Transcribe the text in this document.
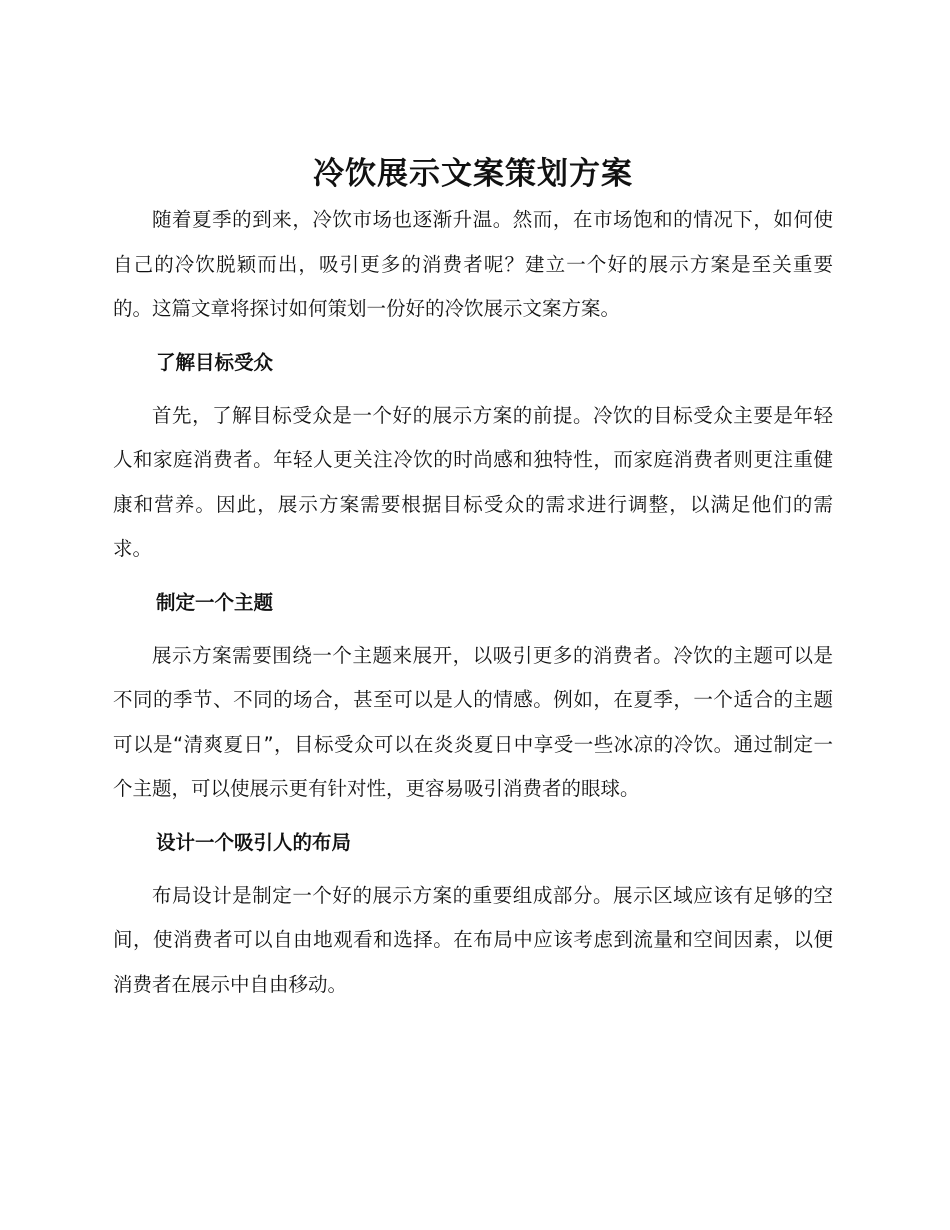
冷饮展示文案策划方案

随着夏季的到来，冷饮市场也逐渐升温。然而，在市场饱和的情况下，如何使自己的冷饮脱颖而出，吸引更多的消费者呢？建立一个好的展示方案是至关重要的。这篇文章将探讨如何策划一份好的冷饮展示文案方案。

了解目标受众

首先，了解目标受众是一个好的展示方案的前提。冷饮的目标受众主要是年轻人和家庭消费者。年轻人更关注冷饮的时尚感和独特性，而家庭消费者则更注重健康和营养。因此，展示方案需要根据目标受众的需求进行调整，以满足他们的需求。

制定一个主题

展示方案需要围绕一个主题来展开，以吸引更多的消费者。冷饮的主题可以是不同的季节、不同的场合，甚至可以是人的情感。例如，在夏季，一个适合的主题可以是“清爽夏日”，目标受众可以在炎炎夏日中享受一些冰凉的冷饮。通过制定一个主题，可以使展示更有针对性，更容易吸引消费者的眼球。

设计一个吸引人的布局

布局设计是制定一个好的展示方案的重要组成部分。展示区域应该有足够的空间，使消费者可以自由地观看和选择。在布局中应该考虑到流量和空间因素，以便消费者在展示中自由移动。
